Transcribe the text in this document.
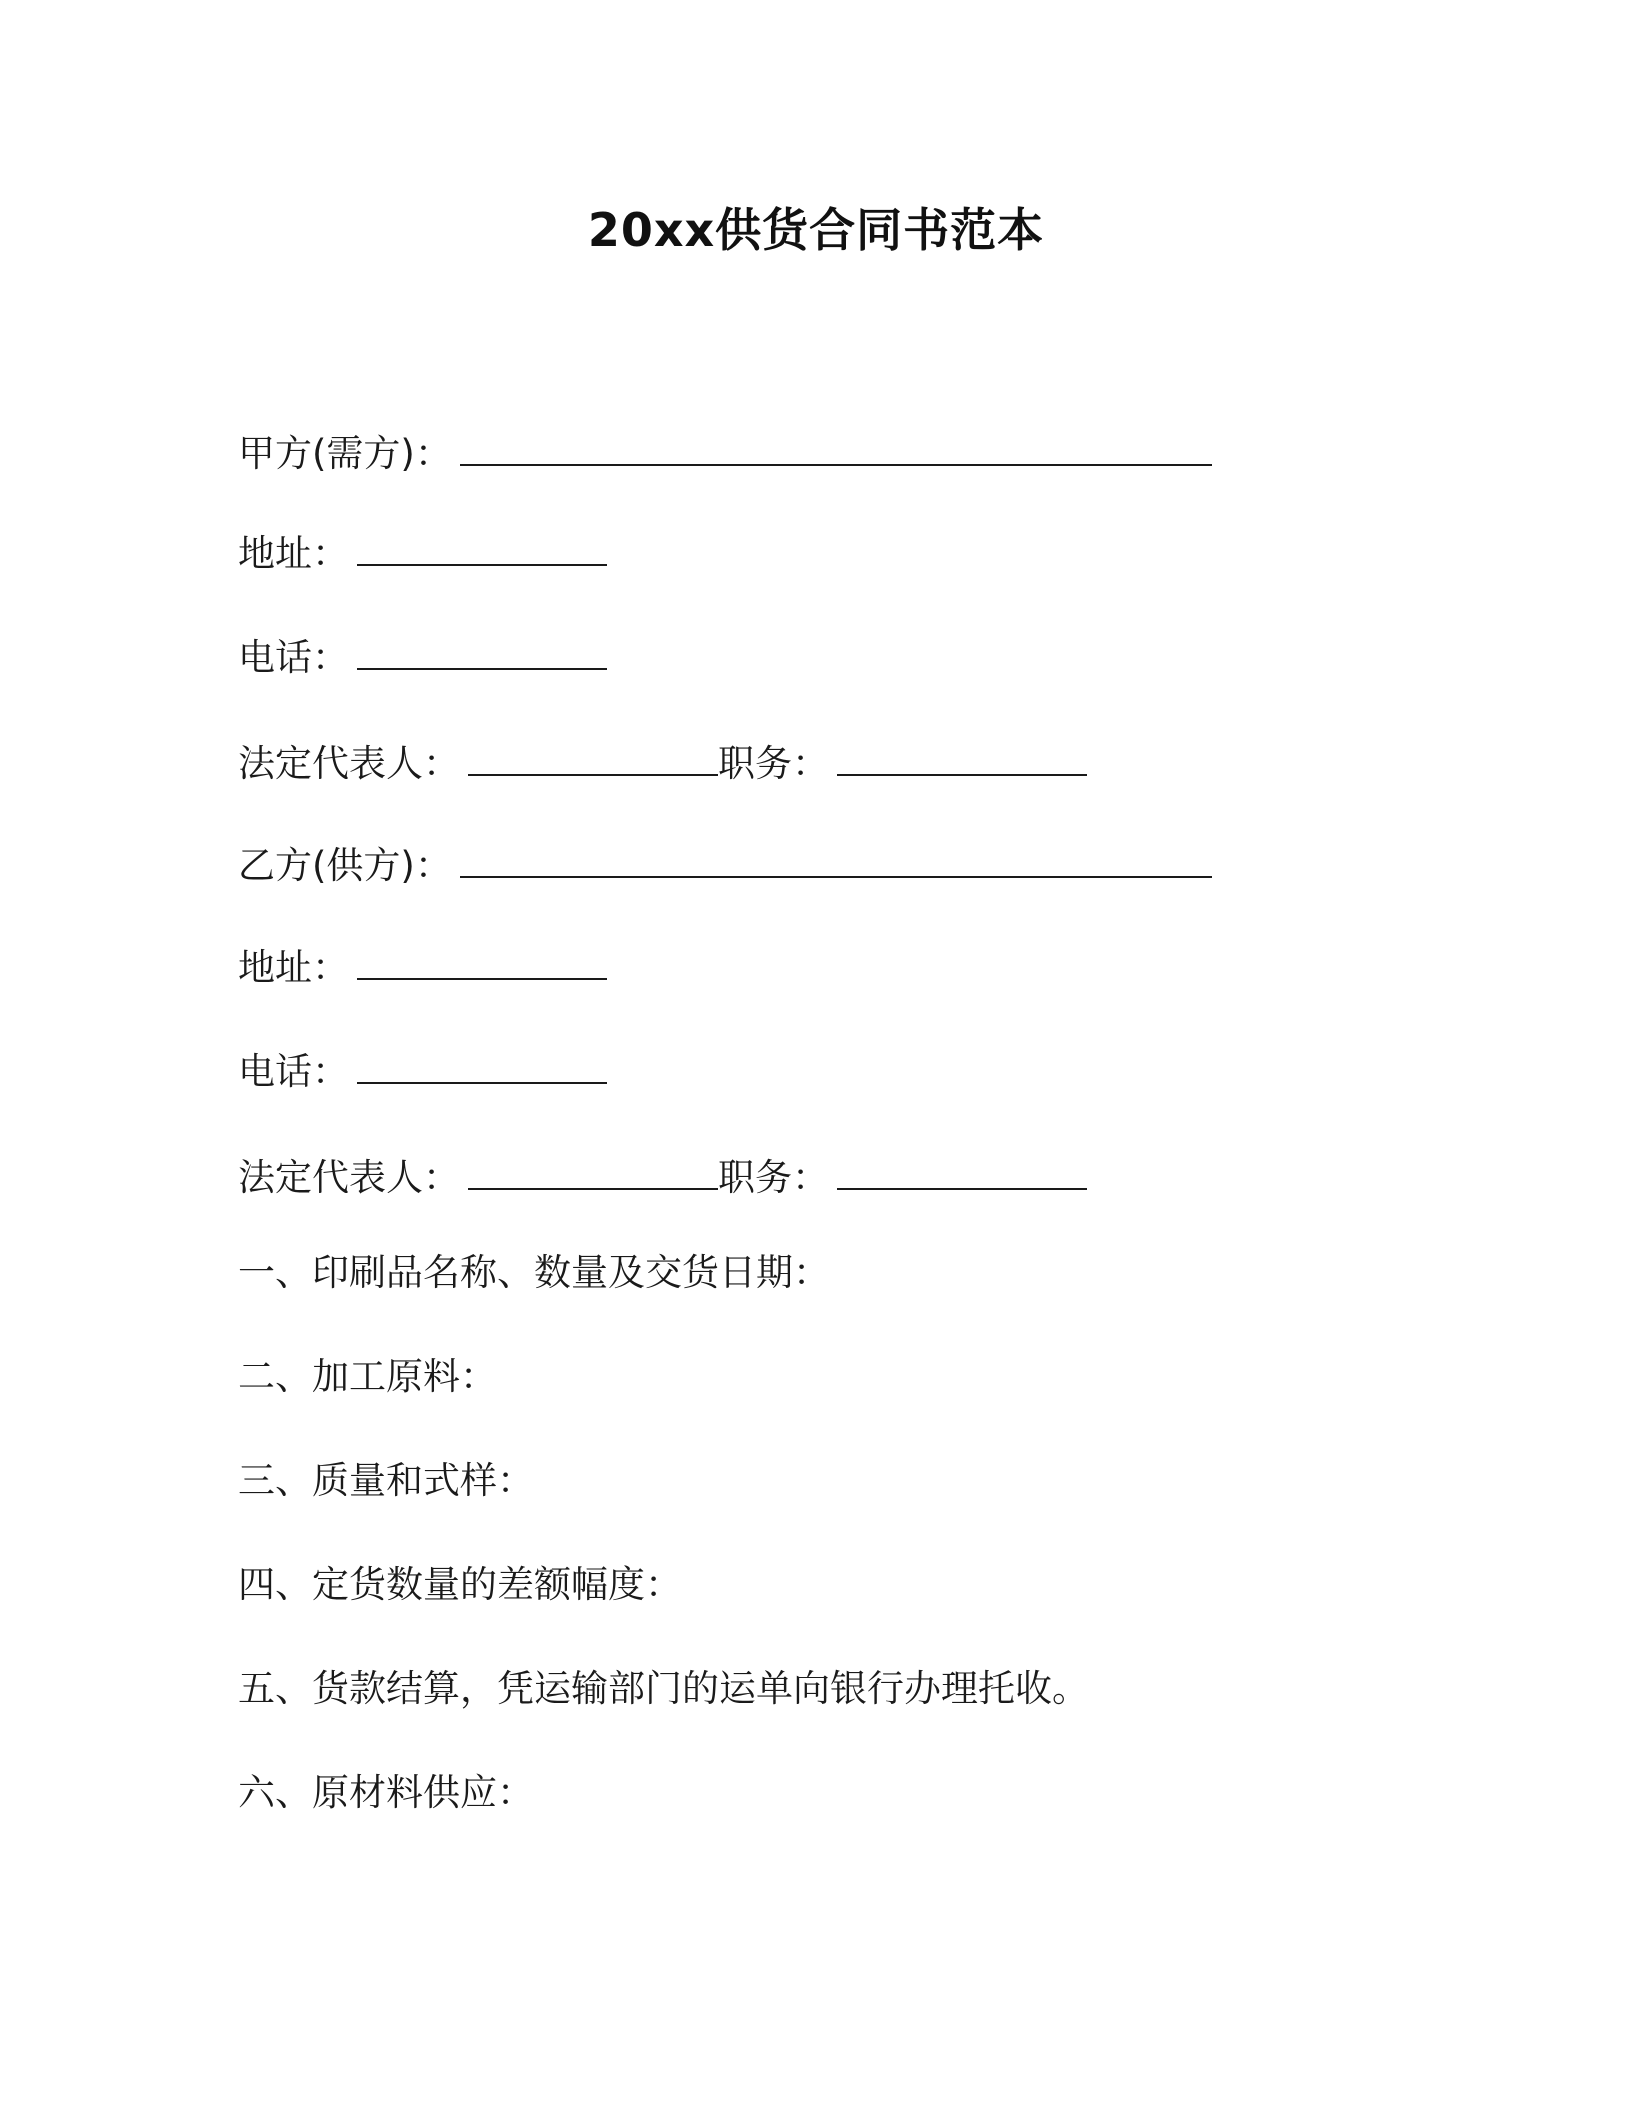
20xx供货合同书范本
甲方(需方)：
地址：
电话：
法定代表人：	职务：
乙方(供方)：
地址：
电话：
法定代表人：	职务：
一、印刷品名称、数量及交货日期：
二、加工原料：
三、质量和式样：
四、定货数量的差额幅度：
五、货款结算，凭运输部门的运单向银行办理托收。
六、原材料供应：
